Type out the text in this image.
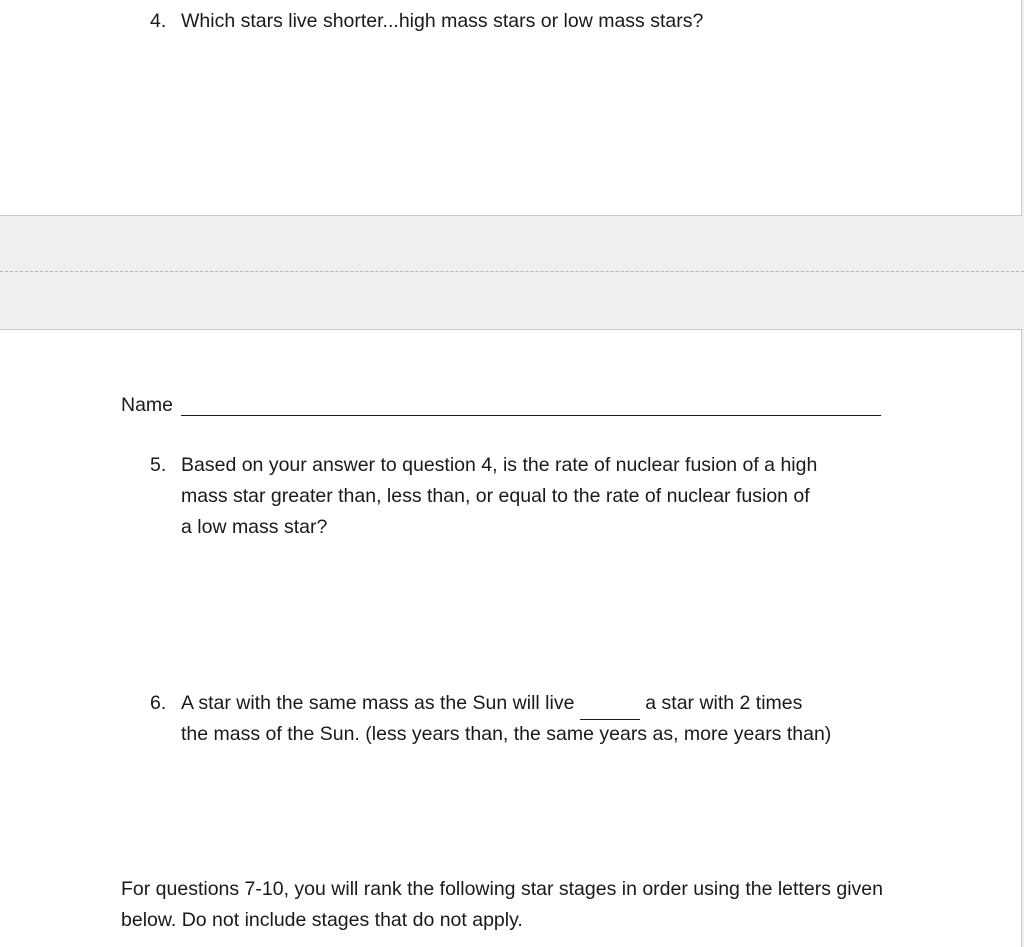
4. Which stars live shorter...high mass stars or low mass stars?
Name
5. Based on your answer to question 4, is the rate of nuclear fusion of a high
mass star greater than, less than, or equal to the rate of nuclear fusion of
a low mass star?
6. A star with the same mass as the Sun will live	a star with 2 times
the mass of the Sun. (less years than, the same years as, more years than)
For questions 7-10, you will rank the following star stages in order using the letters given
below. Do not include stages that do not apply.
